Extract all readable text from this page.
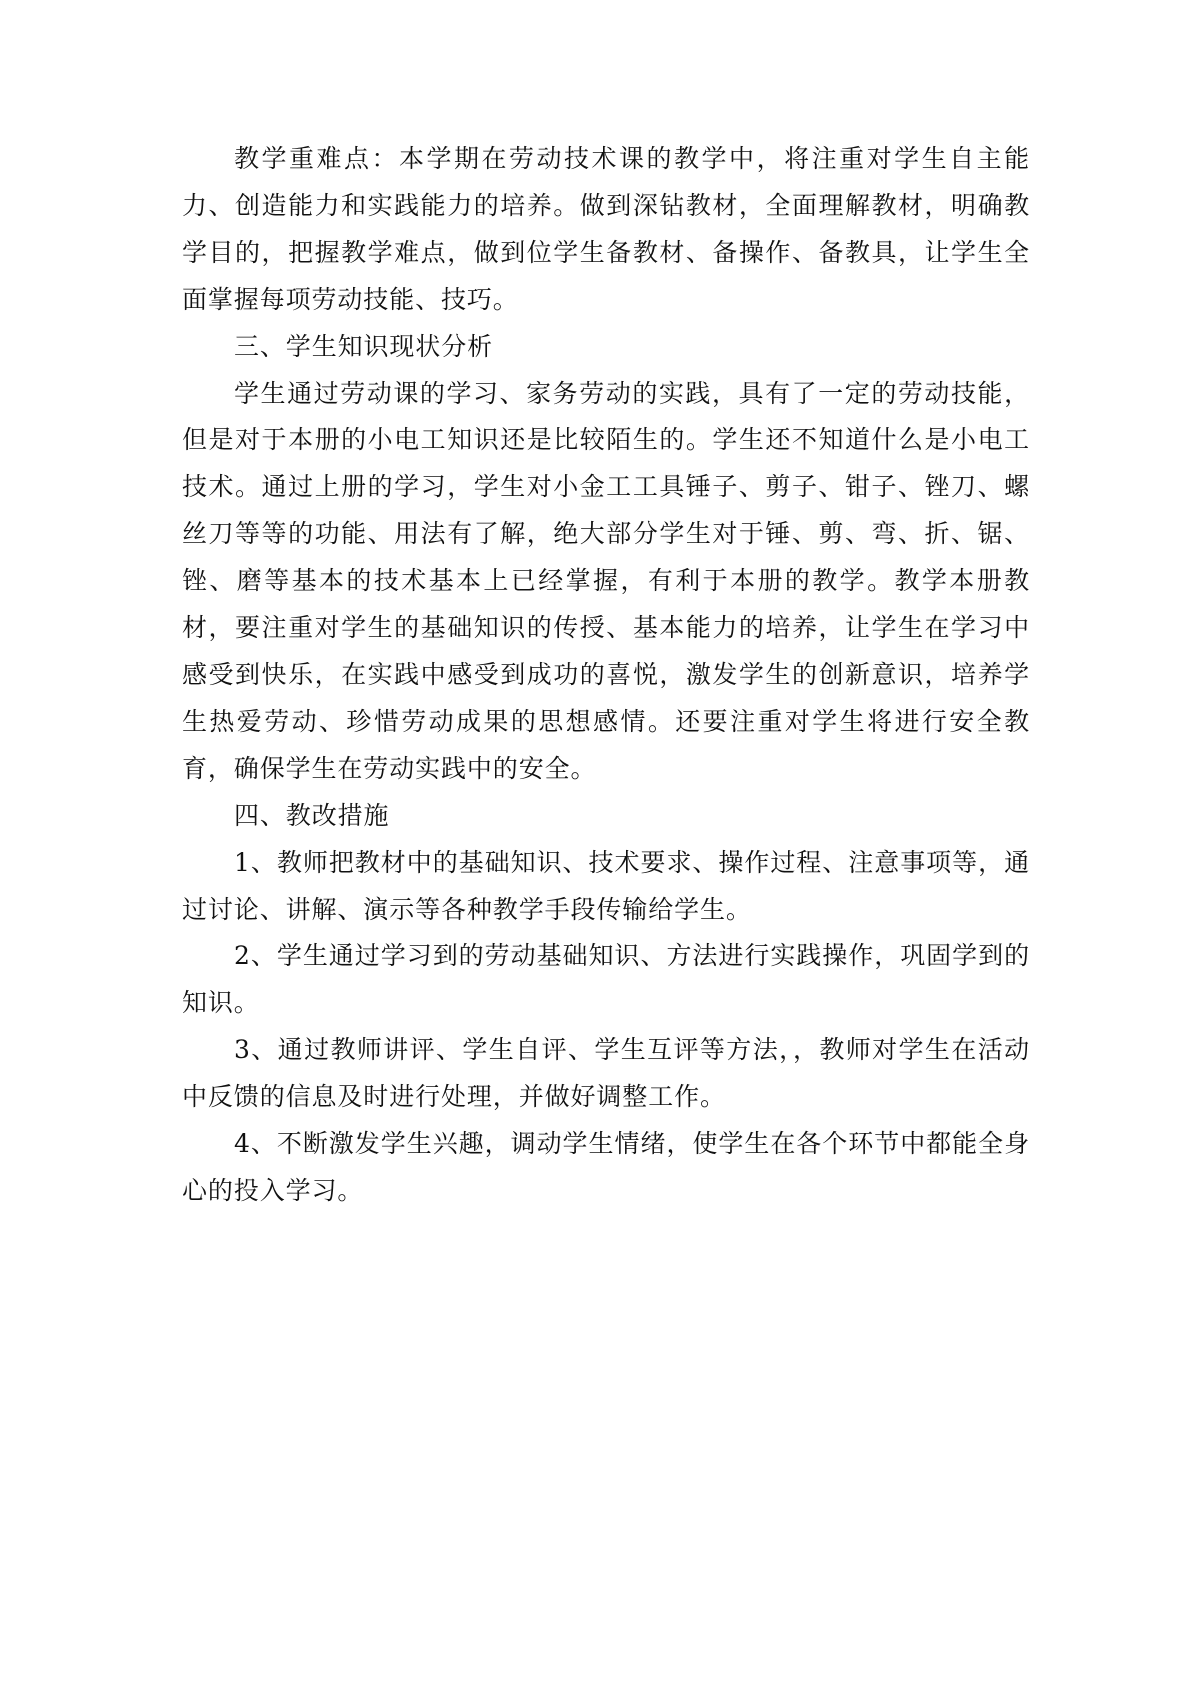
教学重难点：本学期在劳动技术课的教学中，将注重对学生自主能力、创造能力和实践能力的培养。做到深钻教材，全面理解教材，明确教学目的，把握教学难点，做到位学生备教材、备操作、备教具，让学生全面掌握每项劳动技能、技巧。

三、学生知识现状分析

学生通过劳动课的学习、家务劳动的实践，具有了一定的劳动技能，但是对于本册的小电工知识还是比较陌生的。学生还不知道什么是小电工技术。通过上册的学习，学生对小金工工具锤子、剪子、钳子、锉刀、螺丝刀等等的功能、用法有了解，绝大部分学生对于锤、剪、弯、折、锯、锉、磨等基本的技术基本上已经掌握，有利于本册的教学。教学本册教材，要注重对学生的基础知识的传授、基本能力的培养，让学生在学习中感受到快乐，在实践中感受到成功的喜悦，激发学生的创新意识，培养学生热爱劳动、珍惜劳动成果的思想感情。还要注重对学生将进行安全教育，确保学生在劳动实践中的安全。

四、教改措施

1、教师把教材中的基础知识、技术要求、操作过程、注意事项等，通过讨论、讲解、演示等各种教学手段传输给学生。

2、学生通过学习到的劳动基础知识、方法进行实践操作，巩固学到的知识。

3、通过教师讲评、学生自评、学生互评等方法，，教师对学生在活动中反馈的信息及时进行处理，并做好调整工作。

4、不断激发学生兴趣，调动学生情绪，使学生在各个环节中都能全身心的投入学习。
